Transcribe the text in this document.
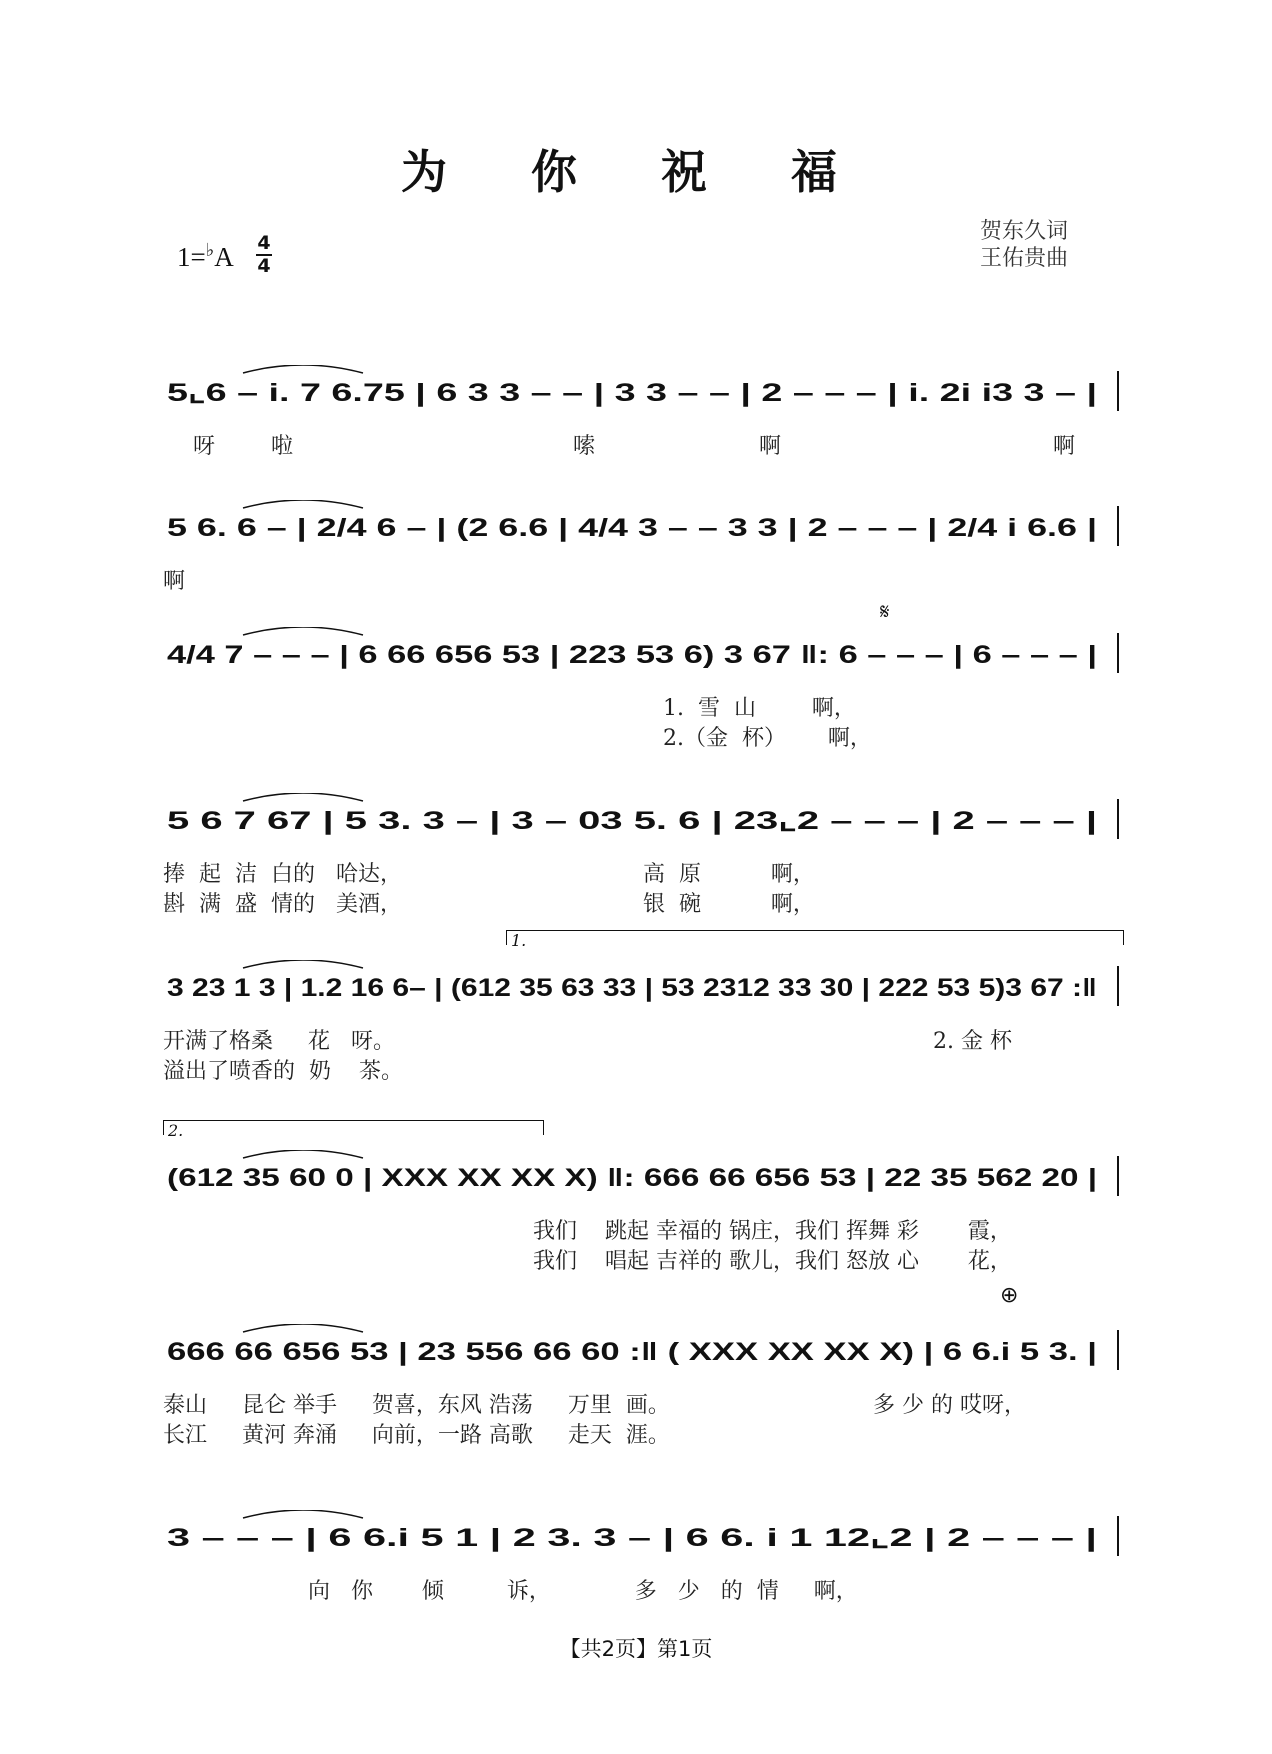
为 你 祝 福
1=♭A 4
4
贺东久词
王佑贵曲
5⌞6 – i. 7 6.75 | 6 3 3 – – | 3 3 – – | 2 – – – | i. 2i i3 3 – |
呀	啦	嗦	啊	啊
5 6. 6 – | 2/4 6 – | (2 6.6 | 4/4 3 – – 3 3 | 2 – – – | 2/4 i 6.6 |
啊
4/4 7 – – – | 6 66 656 53 | 223 53 6) 3 67 ‖: 6 – – – | 6 – – – |
1.  雪  山        啊，
2.（金  杯）      啊，
5 6 7 67 | 5 3. 3 – | 3 – 03 5. 6 | 23⌞2 – – – | 2 – – – |
捧  起  洁  白的   哈达，	高  原          啊，
斟  满  盛  情的   美酒，	银  碗          啊，
3 23 1 3 | 1.2 16 6– | (612 35 63 33 | 53 2312 33 30 | 222 53 5)3 67 :‖
1.
开满了格桑     花   呀。	2. 金 杯
溢出了喷香的  奶    茶。
(612 35 60 0 | XXX XX XX X) ‖: 666 66 656 53 | 22 35 562 20 |
2.
我们    跳起 幸福的 锅庄，我们 挥舞 彩       霞，
我们    唱起 吉祥的 歌儿，我们 怒放 心       花，
666 66 656 53 | 23 556 66 60 :‖ ( XXX XX XX X) | 6 6.i 5 3. |
泰山     昆仑 举手     贺喜，东风 浩荡     万里  画。	多 少 的 哎呀，
长江     黄河 奔涌     向前，一路 高歌     走天  涯。
3 – – – | 6 6.i 5 1 | 2 3. 3 – | 6 6. i 1 12⌞2 | 2 – – – |
向   你       倾         诉，            多   少   的  情     啊，
【共2页】第1页
𝄋
⊕
